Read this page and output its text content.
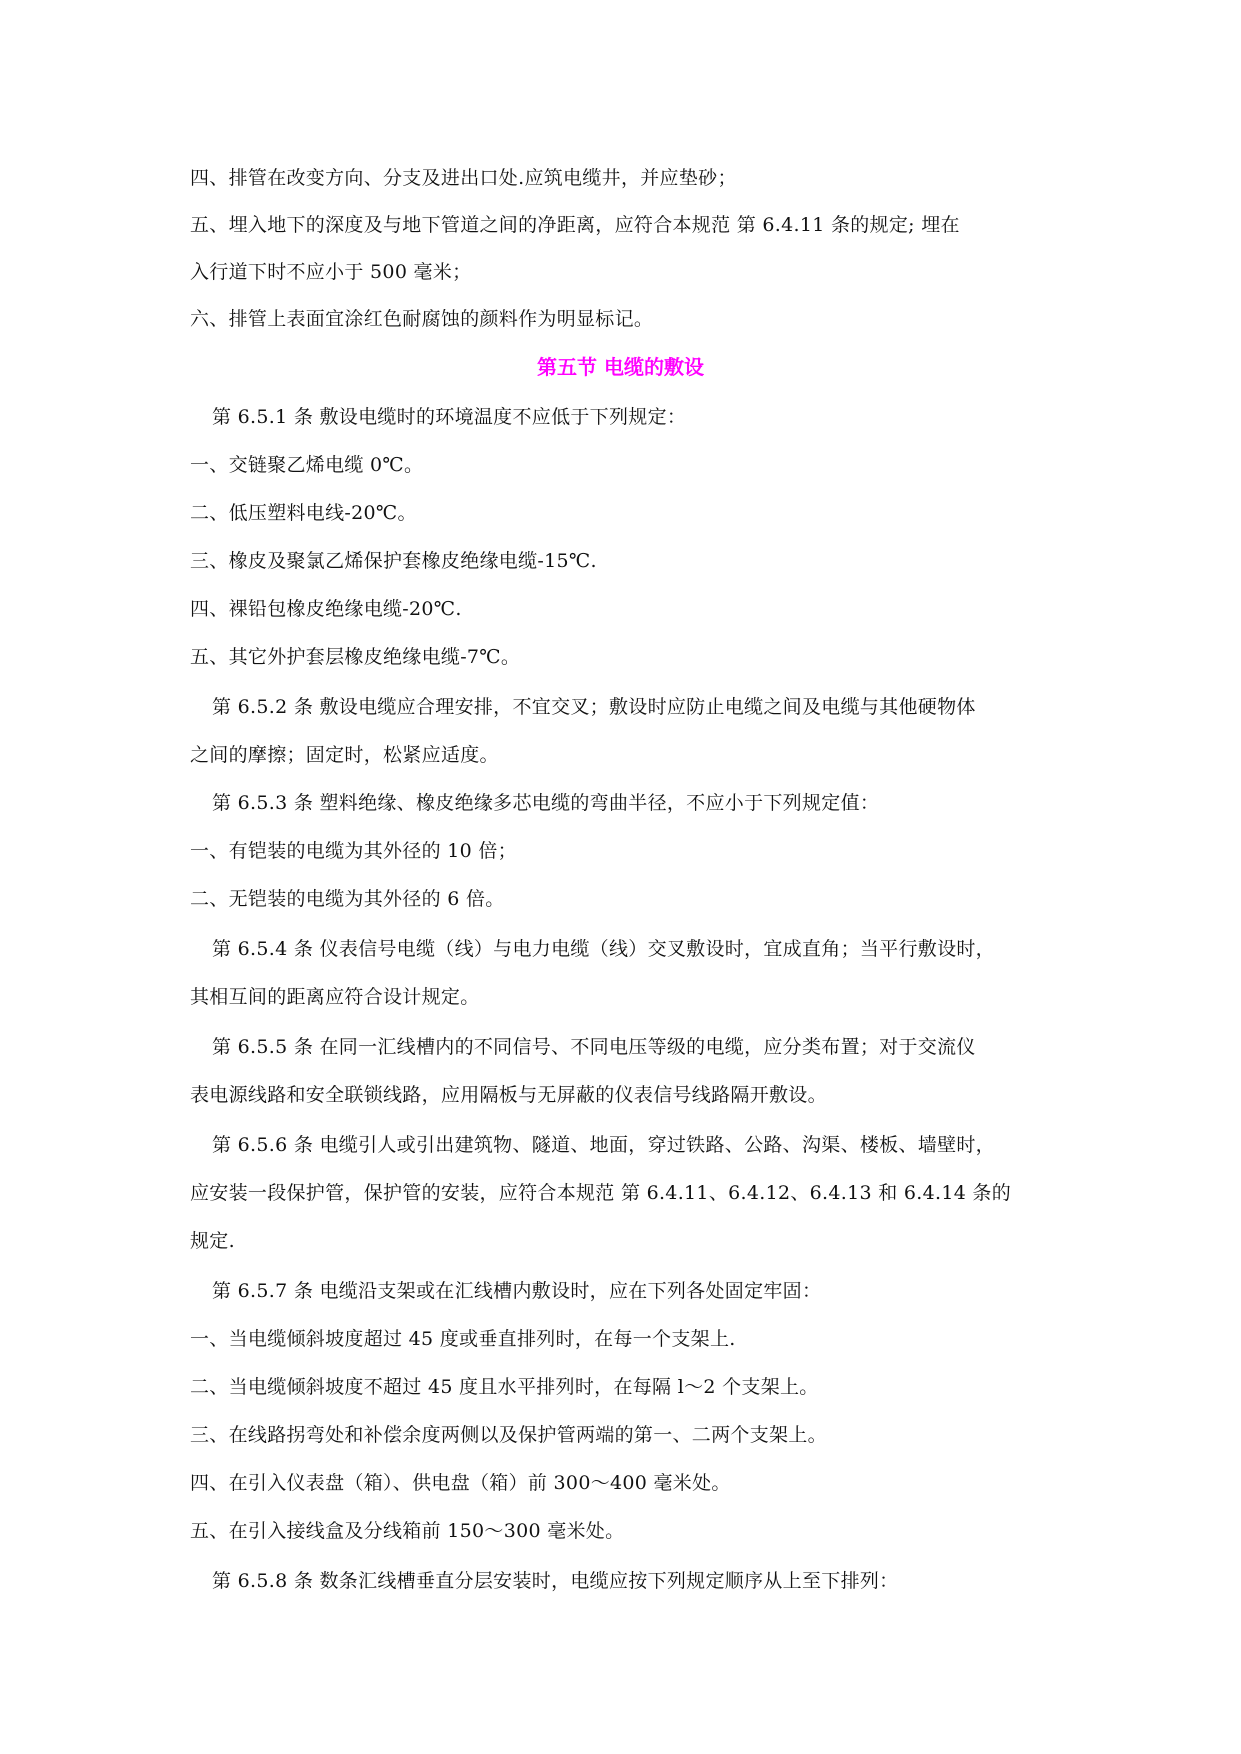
四、排管在改变方向、分支及进出口处.应筑电缆井，并应垫砂；
五、埋入地下的深度及与地下管道之间的净距离，应符合本规范 第 6.4.11 条的规定; 埋在
入行道下时不应小于 500 毫米；
六、排管上表面宜涂红色耐腐蚀的颜料作为明显标记。
第五节 电缆的敷设
第 6.5.1 条 敷设电缆时的环境温度不应低于下列规定：
一、交链聚乙烯电缆 0℃。
二、低压塑料电线-20℃。
三、橡皮及聚氯乙烯保护套橡皮绝缘电缆-15℃.
四、裸铅包橡皮绝缘电缆-20℃.
五、其它外护套层橡皮绝缘电缆-7℃。
第 6.5.2 条 敷设电缆应合理安排，不宜交叉；敷设时应防止电缆之间及电缆与其他硬物体
之间的摩擦；固定时，松紧应适度。
第 6.5.3 条 塑料绝缘、橡皮绝缘多芯电缆的弯曲半径，不应小于下列规定值：
一、有铠装的电缆为其外径的 10 倍；
二、无铠装的电缆为其外径的 6 倍。
第 6.5.4 条 仪表信号电缆（线）与电力电缆（线）交叉敷设时，宜成直角；当平行敷设时，
其相互间的距离应符合设计规定。
第 6.5.5 条 在同一汇线槽内的不同信号、不同电压等级的电缆，应分类布置；对于交流仪
表电源线路和安全联锁线路，应用隔板与无屏蔽的仪表信号线路隔开敷设。
第 6.5.6 条 电缆引人或引出建筑物、隧道、地面，穿过铁路、公路、沟渠、楼板、墙壁时，
应安装一段保护管，保护管的安装，应符合本规范 第 6.4.11、6.4.12、6.4.13 和 6.4.14 条的
规定.
第 6.5.7 条 电缆沿支架或在汇线槽内敷设时，应在下列各处固定牢固：
一、当电缆倾斜坡度超过 45 度或垂直排列时，在每一个支架上.
二、当电缆倾斜坡度不超过 45 度且水平排列时，在每隔 l～2 个支架上。
三、在线路拐弯处和补偿余度两侧以及保护管两端的第一、二两个支架上。
四、在引入仪表盘（箱）、供电盘（箱）前 300～400 毫米处。
五、在引入接线盒及分线箱前 150～300 毫米处。
第 6.5.8 条 数条汇线槽垂直分层安装时，电缆应按下列规定顺序从上至下排列：
